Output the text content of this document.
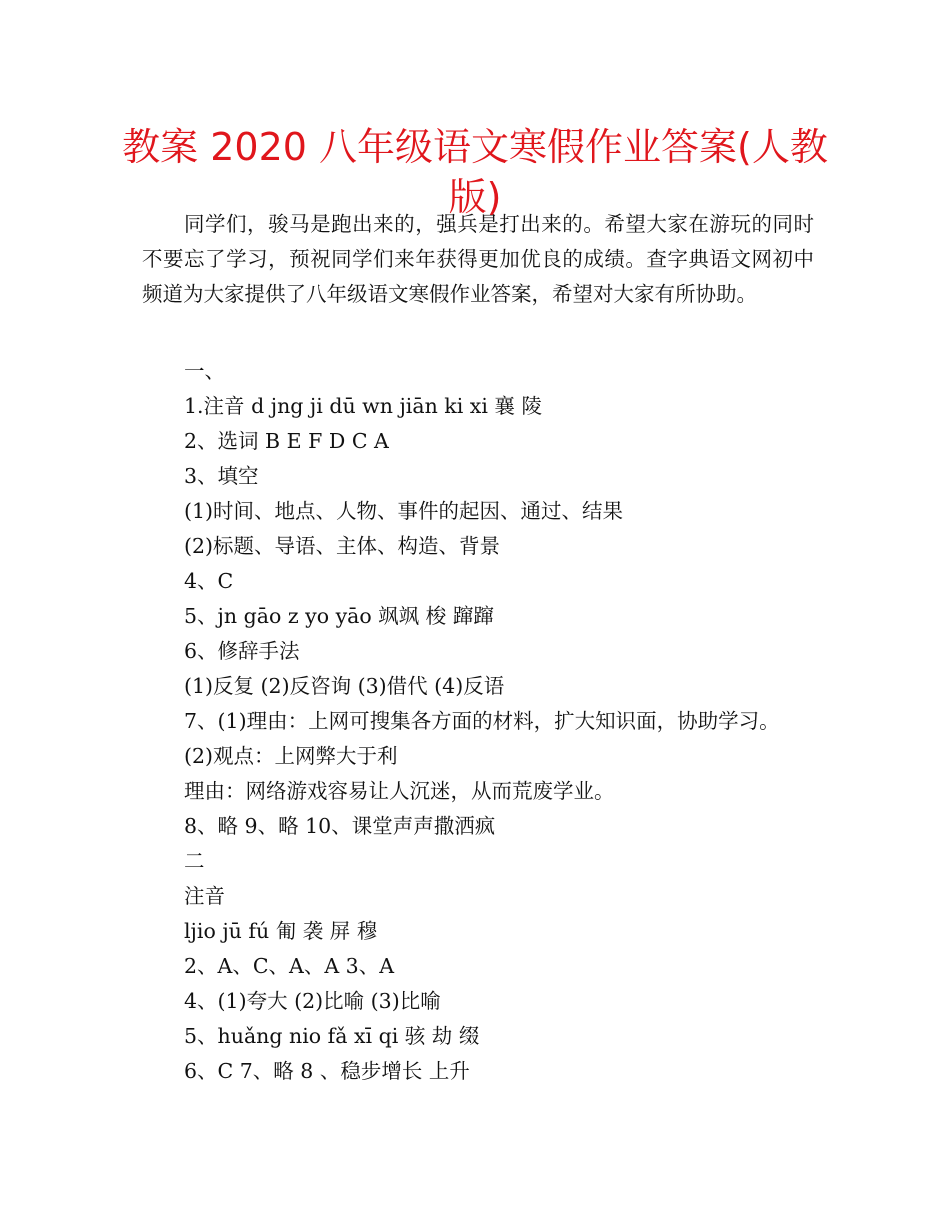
教案 2020 八年级语文寒假作业答案(人教版)
同学们，骏马是跑出来的，强兵是打出来的。希望大家在游玩的同时不要忘了学习，预祝同学们来年获得更加优良的成绩。查字典语文网初中频道为大家提供了八年级语文寒假作业答案，希望对大家有所协助。
一、
1.注音 d jng ji dū wn jiān ki xi 襄 陵
2、选词 B E F D C A
3、填空
(1)时间、地点、人物、事件的起因、通过、结果
(2)标题、导语、主体、构造、背景
4、C
5、jn gāo z yo yāo 飒飒 梭 蹿蹿
6、修辞手法
(1)反复 (2)反咨询 (3)借代 (4)反语
7、(1)理由：上网可搜集各方面的材料，扩大知识面，协助学习。
(2)观点：上网弊大于利
理由：网络游戏容易让人沉迷，从而荒废学业。
8、略 9、略 10、课堂声声撒洒疯
二
注音
ljio jū fú 匍 袭 屏 穆
2、A、C、A、A 3、A
4、(1)夸大 (2)比喻 (3)比喻
5、huǎng nio fǎ xī qi 骇 劫 缀
6、C 7、略 8 、稳步增长 上升
